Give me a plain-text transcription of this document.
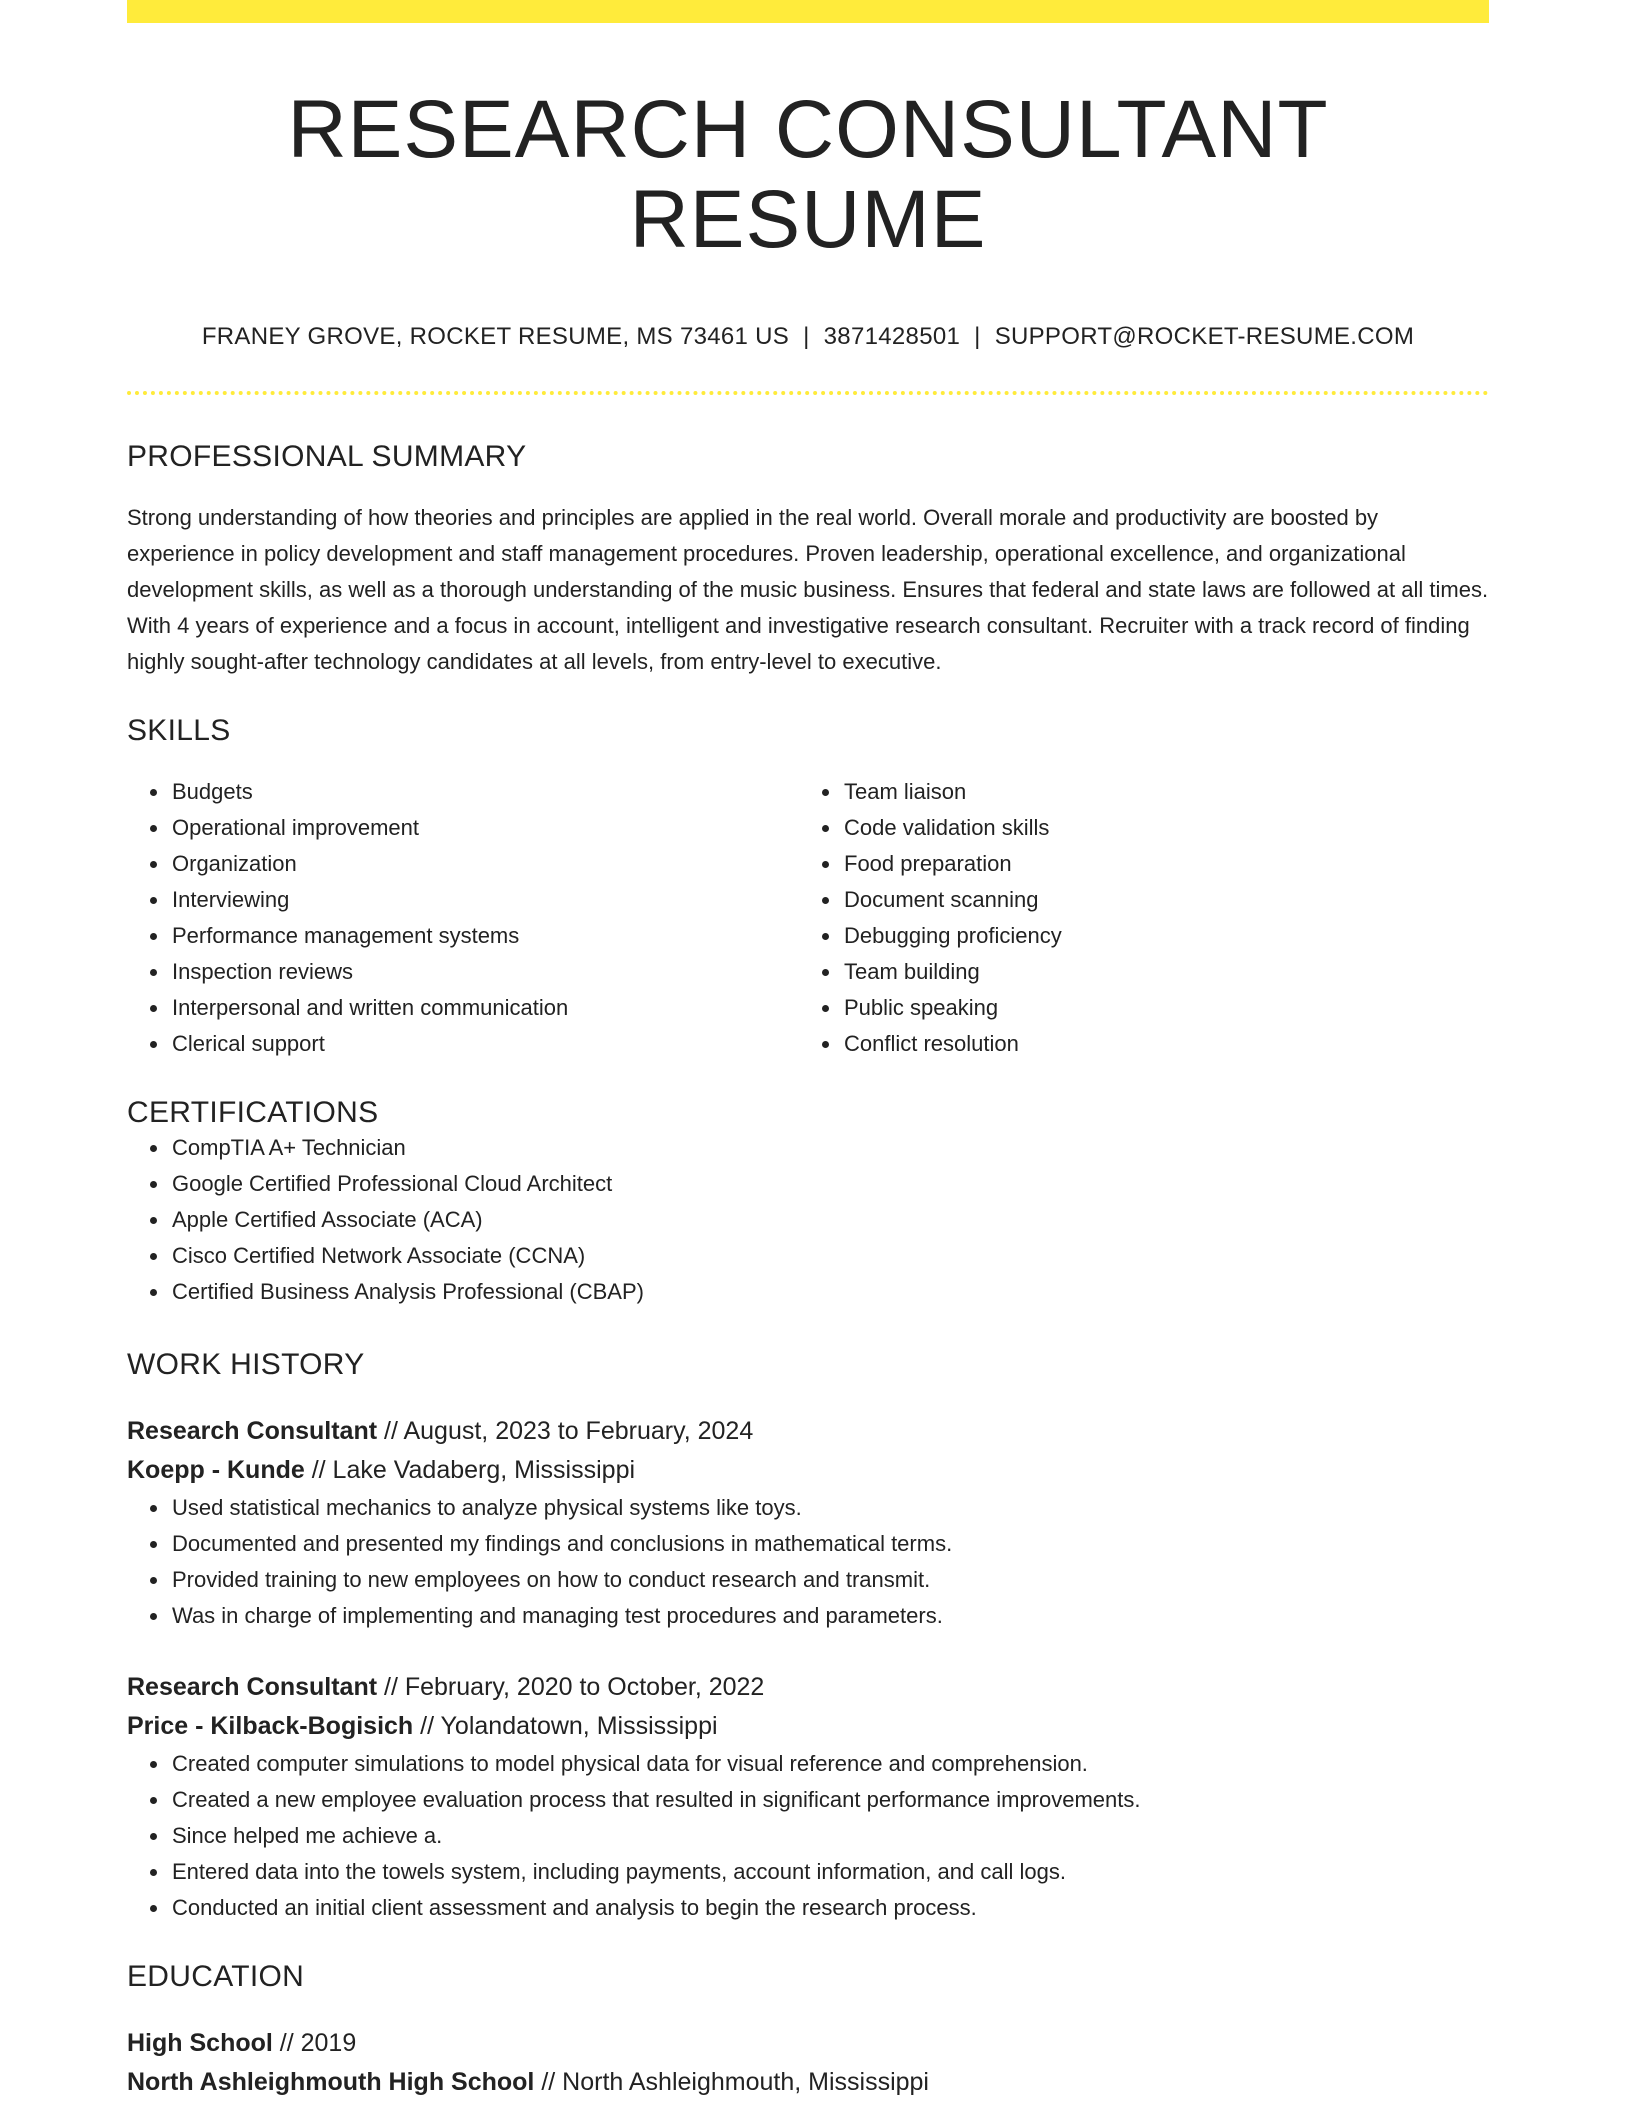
RESEARCH CONSULTANT RESUME
FRANEY GROVE, ROCKET RESUME, MS 73461 US | 3871428501 | SUPPORT@ROCKET-RESUME.COM
PROFESSIONAL SUMMARY

Strong understanding of how theories and principles are applied in the real world. Overall morale and productivity are boosted by experience in policy development and staff management procedures. Proven leadership, operational excellence, and organizational development skills, as well as a thorough understanding of the music business. Ensures that federal and state laws are followed at all times. With 4 years of experience and a focus in account, intelligent and investigative research consultant. Recruiter with a track record of finding highly sought-after technology candidates at all levels, from entry-level to executive.

SKILLS
• Budgets
• Operational improvement
• Organization
• Interviewing
• Performance management systems
• Inspection reviews
• Interpersonal and written communication
• Clerical support
• Team liaison
• Code validation skills
• Food preparation
• Document scanning
• Debugging proficiency
• Team building
• Public speaking
• Conflict resolution
CERTIFICATIONS
• CompTIA A+ Technician
• Google Certified Professional Cloud Architect
• Apple Certified Associate (ACA)
• Cisco Certified Network Associate (CCNA)
• Certified Business Analysis Professional (CBAP)
WORK HISTORY
Research Consultant // August, 2023 to February, 2024
Koepp - Kunde // Lake Vadaberg, Mississippi
• Used statistical mechanics to analyze physical systems like toys.
• Documented and presented my findings and conclusions in mathematical terms.
• Provided training to new employees on how to conduct research and transmit.
• Was in charge of implementing and managing test procedures and parameters.
Research Consultant // February, 2020 to October, 2022
Price - Kilback-Bogisich // Yolandatown, Mississippi
• Created computer simulations to model physical data for visual reference and comprehension.
• Created a new employee evaluation process that resulted in significant performance improvements.
• Since helped me achieve a.
• Entered data into the towels system, including payments, account information, and call logs.
• Conducted an initial client assessment and analysis to begin the research process.
EDUCATION
High School // 2019
North Ashleighmouth High School // North Ashleighmouth, Mississippi
